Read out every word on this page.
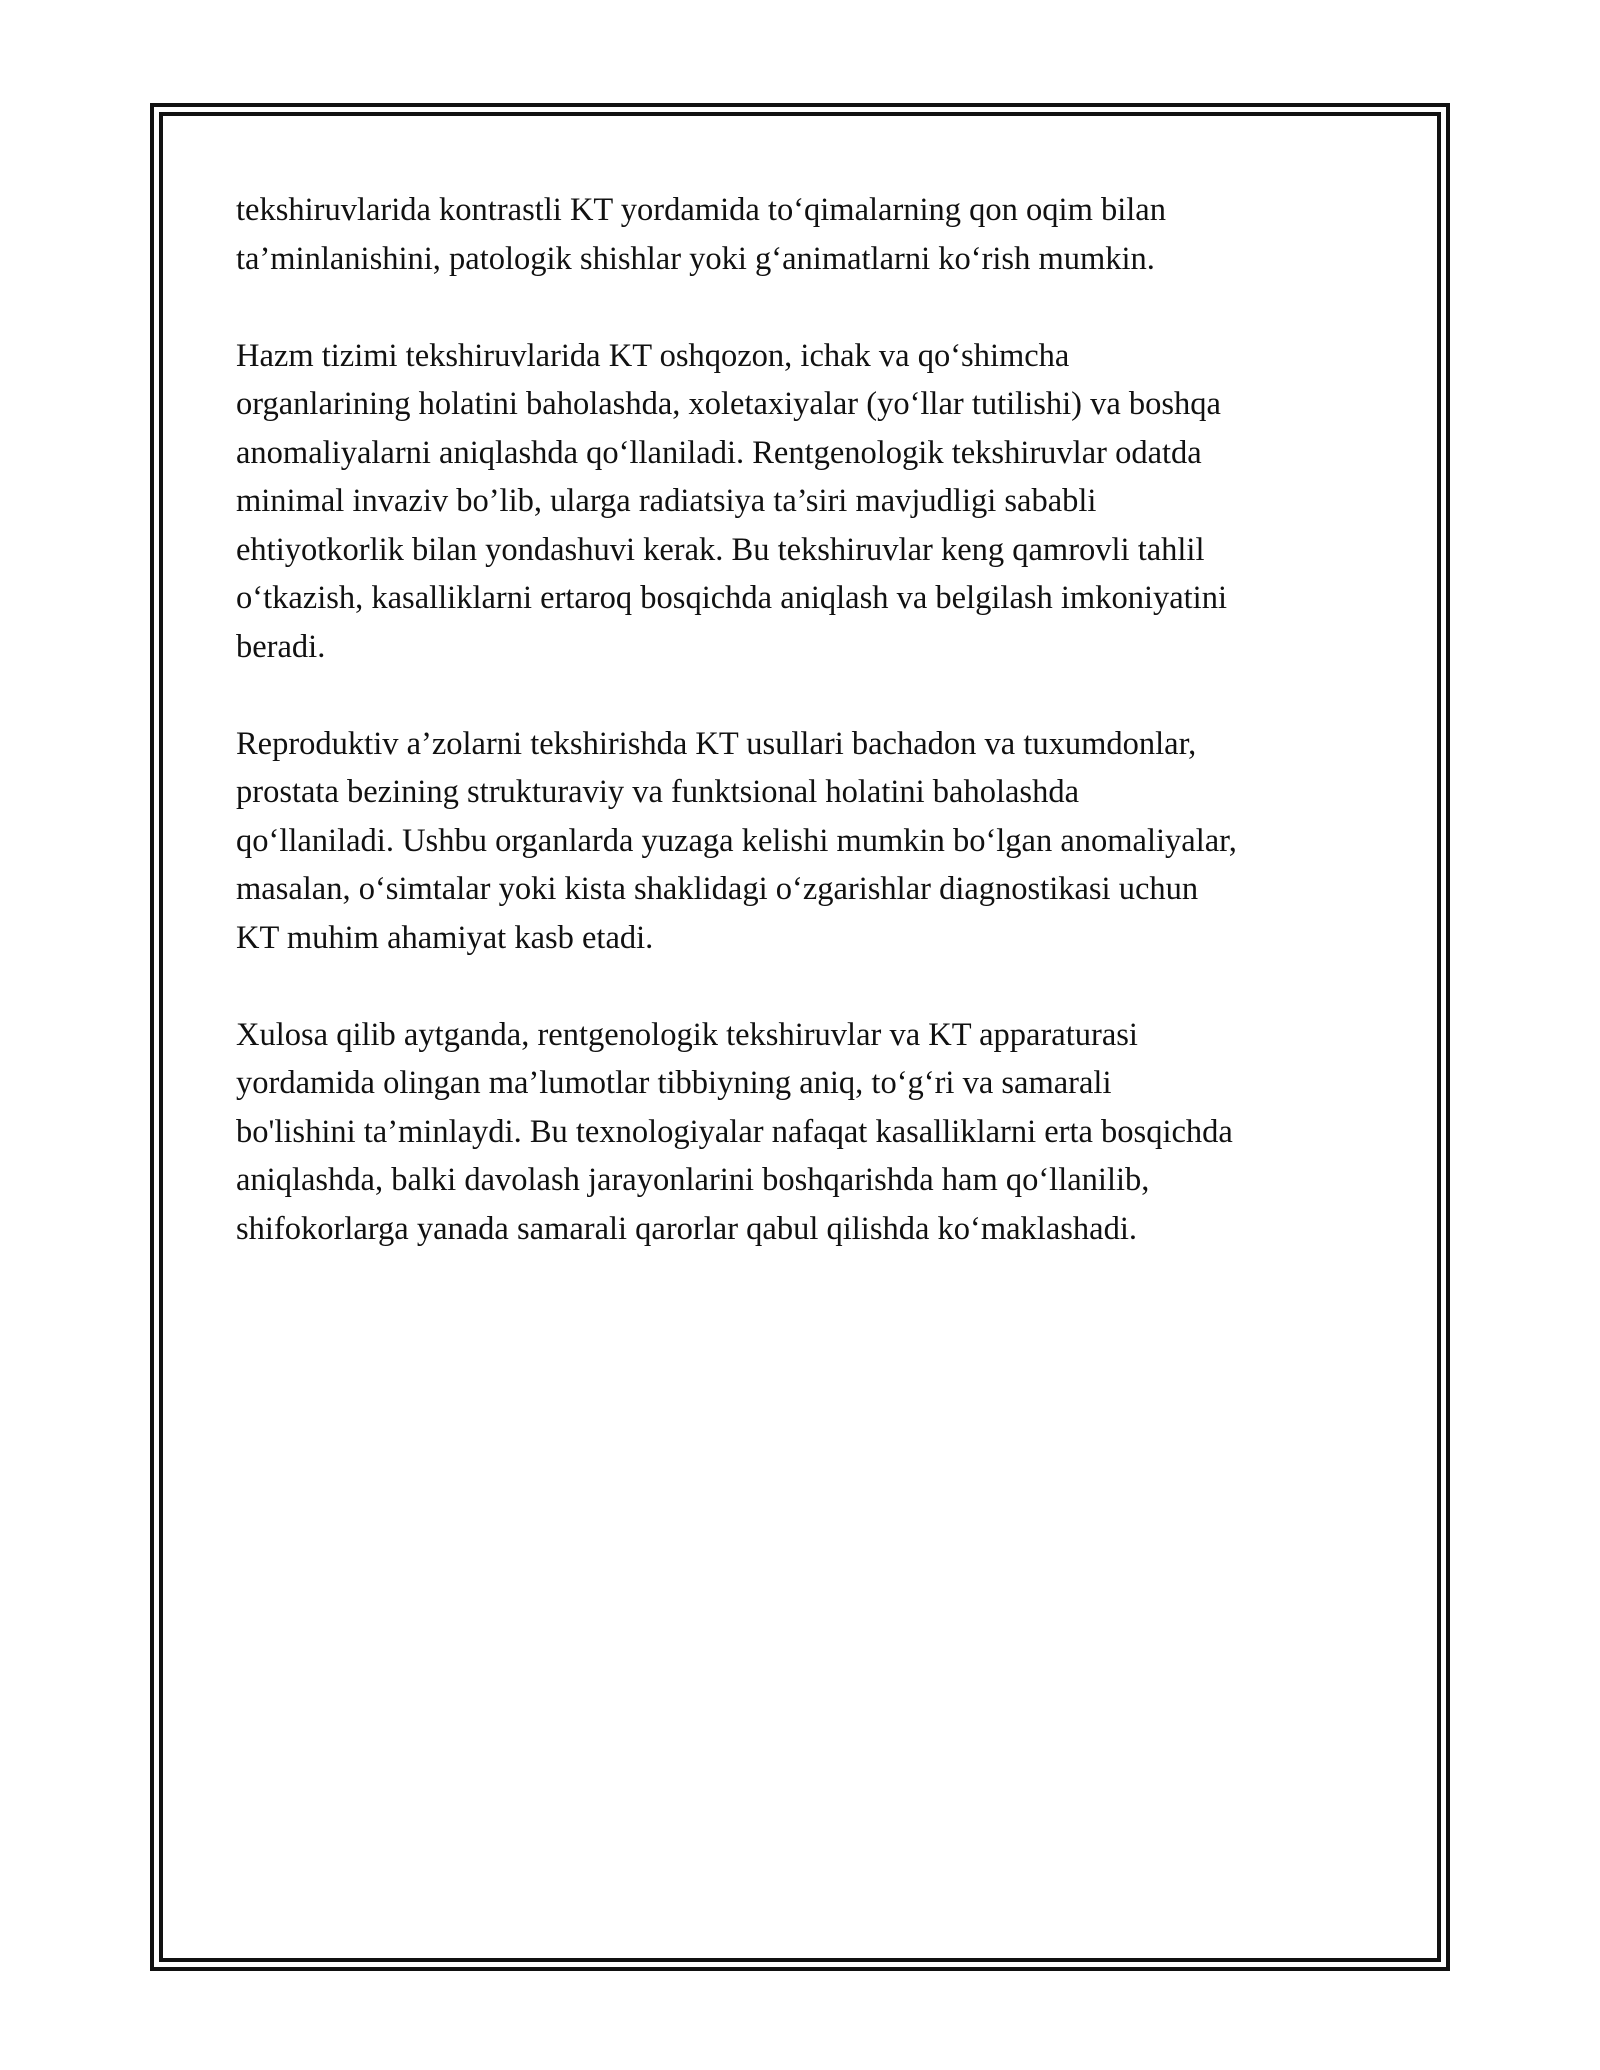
tekshiruvlarida kontrastli KT yordamida to‘qimalarning qon oqim bilan
ta’minlanishini, patologik shishlar yoki g‘animatlarni ko‘rish mumkin.

Hazm tizimi tekshiruvlarida KT oshqozon, ichak va qo‘shimcha
organlarining holatini baholashda, xoletaxiyalar (yo‘llar tutilishi) va boshqa
anomaliyalarni aniqlashda qo‘llaniladi. Rentgenologik tekshiruvlar odatda
minimal invaziv bo’lib, ularga radiatsiya ta’siri mavjudligi sababli
ehtiyotkorlik bilan yondashuvi kerak. Bu tekshiruvlar keng qamrovli tahlil
o‘tkazish, kasalliklarni ertaroq bosqichda aniqlash va belgilash imkoniyatini
beradi.

Reproduktiv a’zolarni tekshirishda KT usullari bachadon va tuxumdonlar,
prostata bezining strukturaviy va funktsional holatini baholashda
qo‘llaniladi. Ushbu organlarda yuzaga kelishi mumkin bo‘lgan anomaliyalar,
masalan, o‘simtalar yoki kista shaklidagi o‘zgarishlar diagnostikasi uchun
KT muhim ahamiyat kasb etadi.

Xulosa qilib aytganda, rentgenologik tekshiruvlar va KT apparaturasi
yordamida olingan ma’lumotlar tibbiyning aniq, to‘g‘ri va samarali
bo'lishini ta’minlaydi. Bu texnologiyalar nafaqat kasalliklarni erta bosqichda
aniqlashda, balki davolash jarayonlarini boshqarishda ham qo‘llanilib,
shifokorlarga yanada samarali qarorlar qabul qilishda ko‘maklashadi.
